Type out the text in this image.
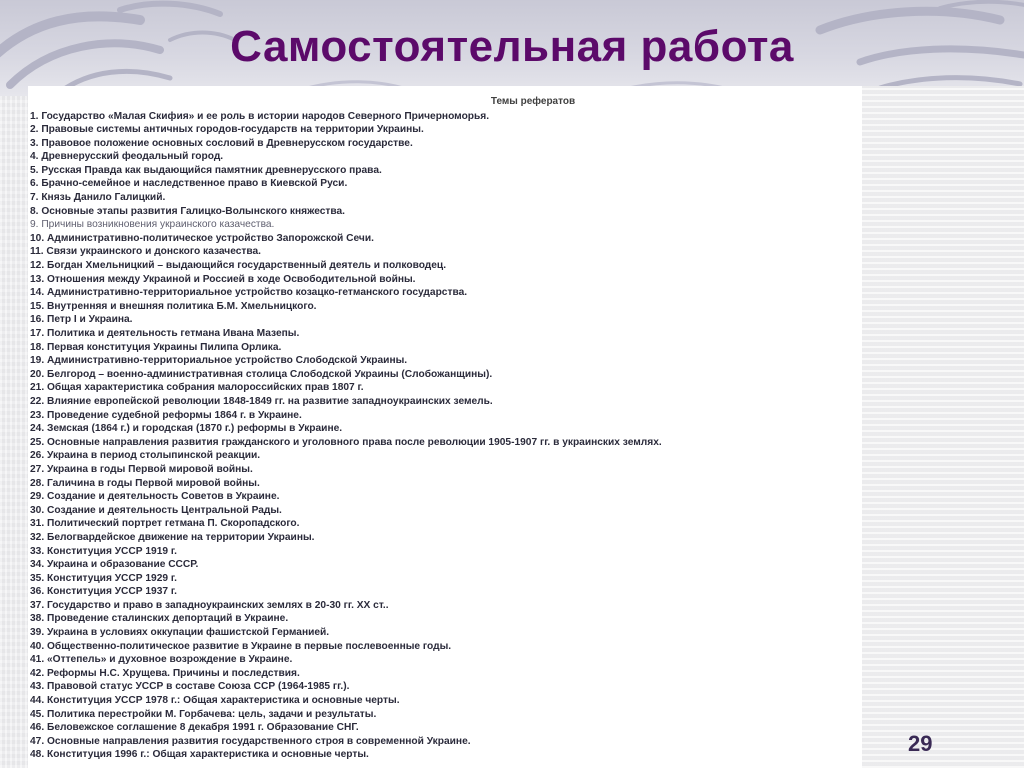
Самостоятельная работа
Темы рефератов
1. Государство «Малая Скифия» и ее роль в истории народов Северного Причерноморья.
2. Правовые системы античных городов-государств на территории Украины.
3. Правовое положение основных сословий в Древнерусском государстве.
4. Древнерусский феодальный город.
5. Русская Правда как выдающийся памятник древнерусского права.
6. Брачно-семейное и наследственное право в Киевской Руси.
7. Князь Данило Галицкий.
8. Основные этапы развития Галицко-Волынского княжества.
9. Причины возникновения украинского казачества.
10. Административно-политическое устройство Запорожской Сечи.
11. Связи украинского и донского казачества.
12. Богдан Хмельницкий – выдающийся государственный деятель и полководец.
13. Отношения между Украиной и Россией в ходе Освободительной войны.
14. Административно-территориальное устройство козацко-гетманского государства.
15. Внутренняя и внешняя политика Б.М. Хмельницкого.
16. Петр I и Украина.
17. Политика и деятельность гетмана Ивана Мазепы.
18. Первая конституция Украины Пилипа Орлика.
19. Административно-территориальное устройство Слободской Украины.
20. Белгород – военно-административная столица Слободской Украины (Слобожанщины).
21. Общая характеристика собрания малороссийских прав 1807 г.
22. Влияние европейской революции 1848-1849 гг. на развитие западноукраинских земель.
23. Проведение судебной реформы 1864 г. в Украине.
24. Земская (1864 г.) и городская (1870 г.) реформы в Украине.
25. Основные направления развития гражданского и уголовного права после революции 1905-1907 гг. в украинских землях.
26. Украина в период столыпинской реакции.
27. Украина в годы Первой мировой войны.
28. Галичина в годы Первой мировой войны.
29. Создание и деятельность Советов в Украине.
30. Создание и деятельность Центральной Рады.
31. Политический портрет гетмана П. Скоропадского.
32. Белогвардейское движение на территории Украины.
33. Конституция УССР 1919 г.
34. Украина и образование СССР.
35. Конституция УССР 1929 г.
36. Конституция УССР 1937 г.
37. Государство и право в западноукраинских землях в 20-30 гг. ХХ ст..
38. Проведение сталинских депортаций в Украине.
39. Украина в условиях оккупации фашистской Германией.
40. Общественно-политическое развитие в Украине в первые послевоенные годы.
41. «Оттепель» и духовное возрождение в Украине.
42. Реформы Н.С. Хрущева. Причины и последствия.
43. Правовой статус УССР в составе Союза ССР (1964-1985 гг.).
44. Конституция УССР 1978 г.: Общая характеристика и основные черты.
45. Политика перестройки М. Горбачева: цель, задачи и результаты.
46. Беловежское соглашение 8 декабря 1991 г. Образование СНГ.
47. Основные направления развития государственного строя в современной Украине.
48. Конституция 1996 г.: Общая характеристика и основные черты.	29
